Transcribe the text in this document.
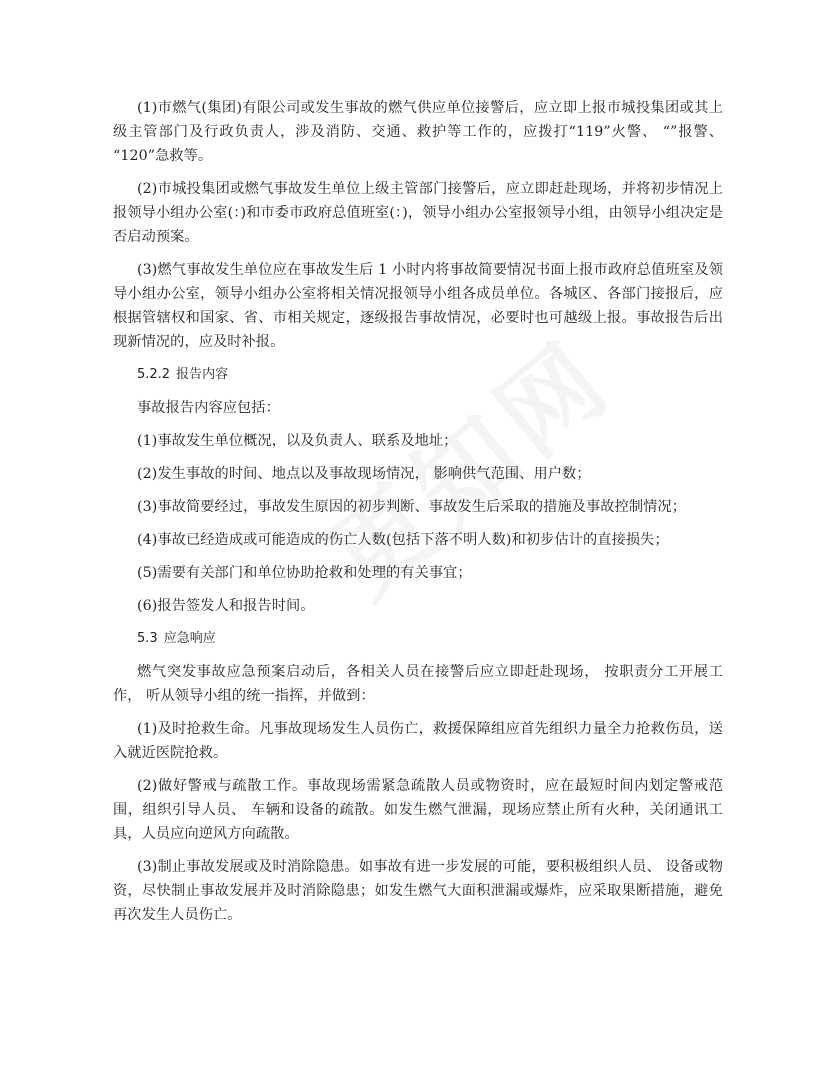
(1)市燃气(集团)有限公司或发生事故的燃气供应单位接警后，应立即上报市城投集团或其上级主管部门及行政负责人，涉及消防、交通、救护等工作的，应拨打“119”火警、 “”报警、 “120”急救等。

(2)市城投集团或燃气事故发生单位上级主管部门接警后，应立即赶赴现场，并将初步情况上报领导小组办公室(：)和市委市政府总值班室(：)，领导小组办公室报领导小组，由领导小组决定是否启动预案。

(3)燃气事故发生单位应在事故发生后 1 小时内将事故简要情况书面上报市政府总值班室及领导小组办公室，领导小组办公室将相关情况报领导小组各成员单位。各城区、各部门接报后，应根据管辖权和国家、省、市相关规定，逐级报告事故情况，必要时也可越级上报。事故报告后出现新情况的，应及时补报。

5.2.2 报告内容

事故报告内容应包括：

(1)事故发生单位概况，以及负责人、联系及地址；

(2)发生事故的时间、地点以及事故现场情况， 影响供气范围、用户数；

(3)事故简要经过，事故发生原因的初步判断、事故发生后采取的措施及事故控制情况；

(4)事故已经造成或可能造成的伤亡人数(包括下落不明人数)和初步估计的直接损失；

(5)需要有关部门和单位协助抢救和处理的有关事宜；

(6)报告签发人和报告时间。

5.3 应急响应

燃气突发事故应急预案启动后，各相关人员在接警后应立即赶赴现场， 按职责分工开展工作， 听从领导小组的统一指挥，并做到：

(1)及时抢救生命。凡事故现场发生人员伤亡，救援保障组应首先组织力量全力抢救伤员，送入就近医院抢救。

(2)做好警戒与疏散工作。事故现场需紧急疏散人员或物资时，应在最短时间内划定警戒范围，组织引导人员、 车辆和设备的疏散。如发生燃气泄漏，现场应禁止所有火种，关闭通讯工具，人员应向逆风方向疏散。

(3)制止事故发展或及时消除隐患。如事故有进一步发展的可能，要积极组织人员、 设备或物资，尽快制止事故发展并及时消除隐患；如发生燃气大面积泄漏或爆炸，应采取果断措施，避免再次发生人员伤亡。
